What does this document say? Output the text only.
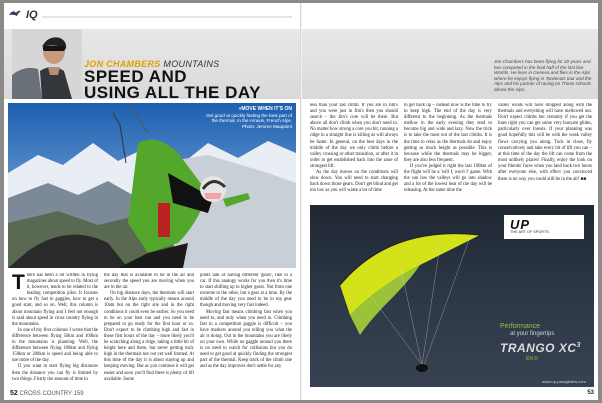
IQ
JON CHAMBERS MOUNTAINS
SPEED AND
USING ALL THE DAY
Jon Chambers has been flying for 20 years and has competed in the final half of the last five Worlds. He lives in Geneva and flies in the Alps where he enjoys flying in Tardenois tour and the Alps and his partner of racing on Those schools above the Alps.
«MOVE WHEN IT'S ON
Get good at quickly finding the best part of the thermal. In the Arravis, French Alps. Photo: Jerome Maupoint
T here has been a lot written in flying magazines about speed to fly. Most of it, however, tends to be related to the leading competition pilot. It focuses on how to fly fast in gaggles, how to get a good start, and so on. Well, this column is about mountain flying and I feel not enough is said about speed in cross country flying in the mountains.

In one of my first columns I wrote that the difference between flying 50km and 100km in the mountains is planning. Well, the difference between flying 100km and flying 150km or 200km is speed and being able to use more of the day.

If you want to start flying big distances then the distance you can fly is limited by two things. Firstly the amount of time in

the day that is available to be in the air and secondly the speed you are moving when you are in the air.

On big distance days, the thermals will start early. In the Alps early typically means around 10am but on the right site and in the right conditions it could even be earlier. So you need to be on your best run and you need to be prepared to go ready for the first hour or so. Don't expect to be climbing high and fast in these first hours of the day – more likely you'll be scratching along a ridge, taking a little bit of height here and there, but never getting truly high in the thermals nor out yet well formed. At this time of the day it is about staying up and keeping moving. But as you continue it will get easier and soon you'll find there is plenty of lift available. Some

pilots talk of having different 'gears', like in a car. If this analogy works for you then it's time to start shifting up to higher gears. Not from one extreme to the other, but a gear at a time. By the middle of the day you need to be in top gear though and moving very fast indeed.

Moving fast means climbing fast when you need to, and only when you need to. Climbing fast in a competition gaggle is difficult – you have markers around you telling you what the air is doing. Out in the mountains you are likely on your own. While no gaggle around you there is no need to watch for collisions but you do need to get good at quickly finding the strongest part of the thermal. Keep track of the climb rate and as the day improves don't settle for any

less than your last climb. If you are in Jim's and you were just in Jim's then you should search – the Jim's core will be there. But above all don't climb when you don't need to. No matter how strong a core you hit, running a ridge in a straight line is killing as will always be faster. In general, on the best days in the middle of the day we only climb before a valley crossing or other transition, or after it in order to get established back into the zone of strongest lift.

As the day moves on the conditions will slow down. You will need to start changing back down those gears. Don't get blind and get too low as you will waste a lot of time

to get back up – instead now is the time to try to keep high. The end of the day is very different to the beginning. As the thermals mellow in the early evening they tend to become big and wide and lazy. Now the trick is to take the most out of the last climbs. It is the time to relax as the thermals do and enjoy getting as much height as possible. This is because while the thermals may be bigger, they are also less frequent.

If you've judged it right the last 100km of the flight will be a 'will I, won't I' game. With the sun low the valleys will go into shadow and a lot of the lowest heat of the day will be releasing. At the same time the

valley winds will have dropped along with the thermals and everything will have mellowed out. Don't expect climbs but certainly if you get the lines right you can get some very buoyant glides, particularly over forests. If your planning was good hopefully this will be with the weak valley flows carrying you along. Tuck in close, fly conservatively and take every bit of lift you can – at this time of the day the lift can come from the most unlikely places! Finally, enjoy the look on your friends' faces when you land back two hours after everyone else, with effect you convinced there is no way you could still be in the air! ■■

UP
THE ART OF SPORTS
Performance
at your fingertips
TRANGO $XC^3$
EN D
www.up-paragliders.com
52 CROSS COUNTRY 159	53
